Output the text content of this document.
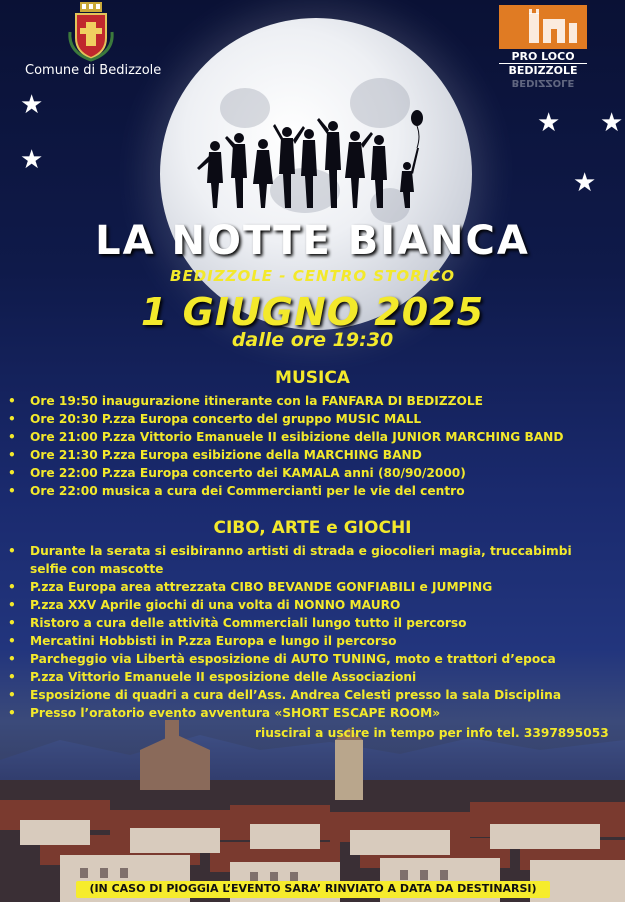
★
★
★ ★
★
Comune di Bedizzole
PRO LOCO
BEDIZZOLE
BEDIZZOLE
LA NOTTE BIANCA
BEDIZZOLE - CENTRO STORICO
1 GIUGNO 2025
dalle ore 19:30
MUSICA
• Ore 19:50 inaugurazione itinerante con la FANFARA DI BEDIZZOLE
• Ore 20:30 P.zza Europa concerto del gruppo MUSIC MALL
• Ore 21:00 P.zza Vittorio Emanuele II esibizione della JUNIOR MARCHING BAND
• Ore 21:30 P.zza Europa esibizione della MARCHING BAND
• Ore 22:00 P.zza Europa concerto dei KAMALA anni (80/90/2000)
• Ore 22:00 musica a cura dei Commercianti per le vie del centro
CIBO, ARTE e GIOCHI
• Durante la serata si esibiranno artisti di strada e giocolieri magia, truccabimbi selfie con mascotte
• P.zza Europa area attrezzata CIBO BEVANDE GONFIABILI e JUMPING
• P.zza XXV Aprile giochi di una volta di NONNO MAURO
• Ristoro a cura delle attività Commerciali lungo tutto il percorso
• Mercatini Hobbisti in P.zza Europa e lungo il percorso
• Parcheggio via Libertà esposizione di AUTO TUNING, moto e trattori d’epoca
• P.zza Vittorio Emanuele II esposizione delle Associazioni
• Esposizione di quadri a cura dell’Ass. Andrea Celesti presso la sala Disciplina
• Presso l’oratorio evento avventura «SHORT ESCAPE ROOM»
riuscirai a uscire in tempo per info tel. 3397895053
(IN CASO DI PIOGGIA L’EVENTO SARA’ RINVIATO A DATA DA DESTINARSI)
